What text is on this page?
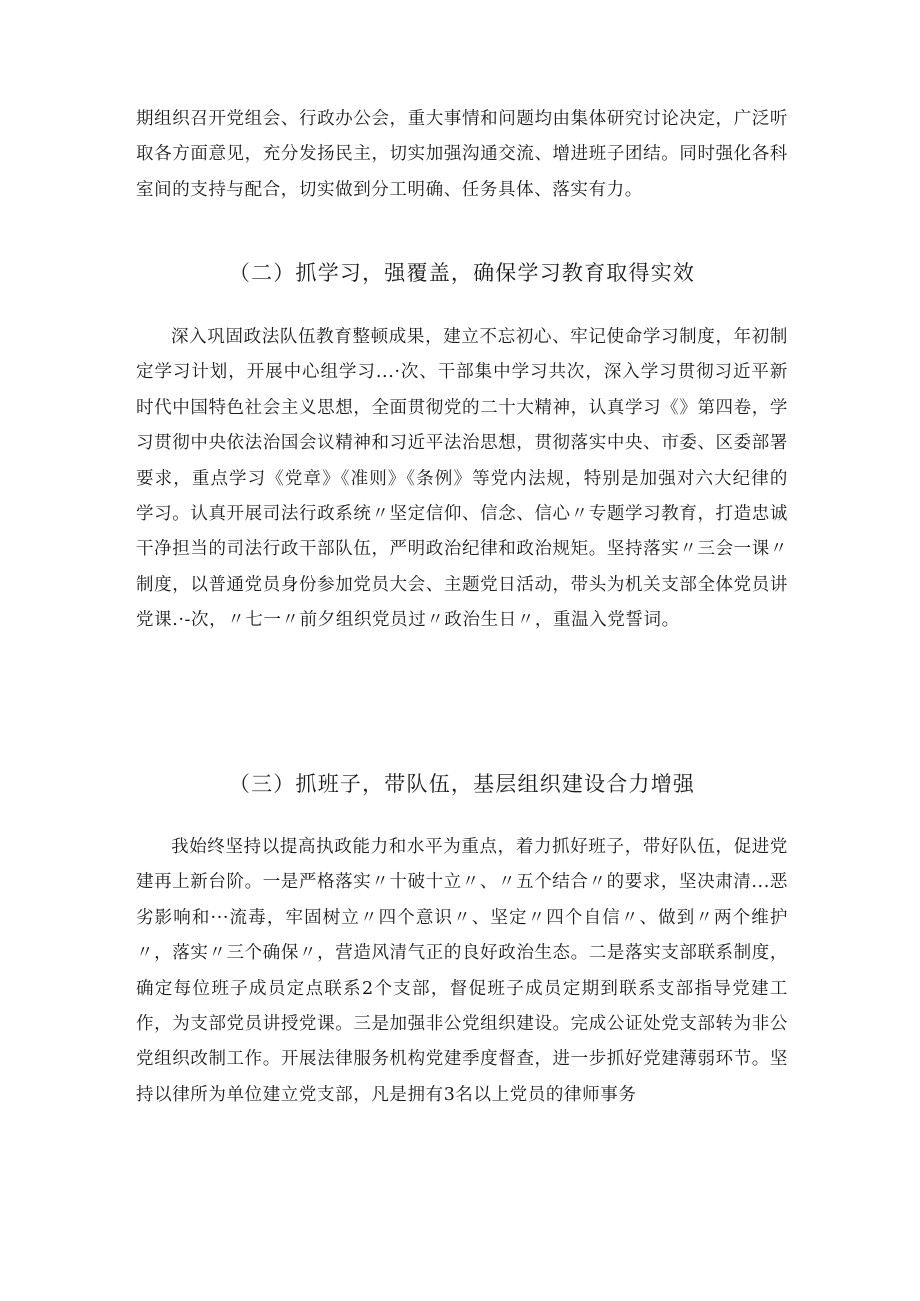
期组织召开党组会、行政办公会，重大事情和问题均由集体研究讨论决定，广泛听取各方面意见，充分发扬民主，切实加强沟通交流、增进班子团结。同时强化各科室间的支持与配合，切实做到分工明确、任务具体、落实有力。

（二）抓学习，强覆盖，确保学习教育取得实效

深入巩固政法队伍教育整顿成果，建立不忘初心、牢记使命学习制度，年初制定学习计划，开展中心组学习...·次、干部集中学习共次，深入学习贯彻习近平新时代中国特色社会主义思想，全面贯彻党的二十大精神，认真学习《》第四卷，学习贯彻中央依法治国会议精神和习近平法治思想，贯彻落实中央、市委、区委部署要求，重点学习《党章》《准则》《条例》等党内法规，特别是加强对六大纪律的学习。认真开展司法行政系统〃坚定信仰、信念、信心〃专题学习教育，打造忠诚干净担当的司法行政干部队伍，严明政治纪律和政治规矩。坚持落实〃三会一课〃制度，以普通党员身份参加党员大会、主题党日活动，带头为机关支部全体党员讲党课.·-次，〃七一〃前夕组织党员过〃政治生日〃，重温入党誓词。

（三）抓班子，带队伍，基层组织建设合力增强

我始终坚持以提高执政能力和水平为重点，着力抓好班子，带好队伍，促进党建再上新台阶。一是严格落实〃十破十立〃、〃五个结合〃的要求，坚决肃清...恶劣影响和···流毒，牢固树立〃四个意识〃、坚定〃四个自信〃、做到〃两个维护〃，落实〃三个确保〃，营造风清气正的良好政治生态。二是落实支部联系制度，确定每位班子成员定点联系2个支部，督促班子成员定期到联系支部指导党建工作，为支部党员讲授党课。三是加强非公党组织建设。完成公证处党支部转为非公党组织改制工作。开展法律服务机构党建季度督查，进一步抓好党建薄弱环节。坚持以律所为单位建立党支部，凡是拥有3名以上党员的律师事务
